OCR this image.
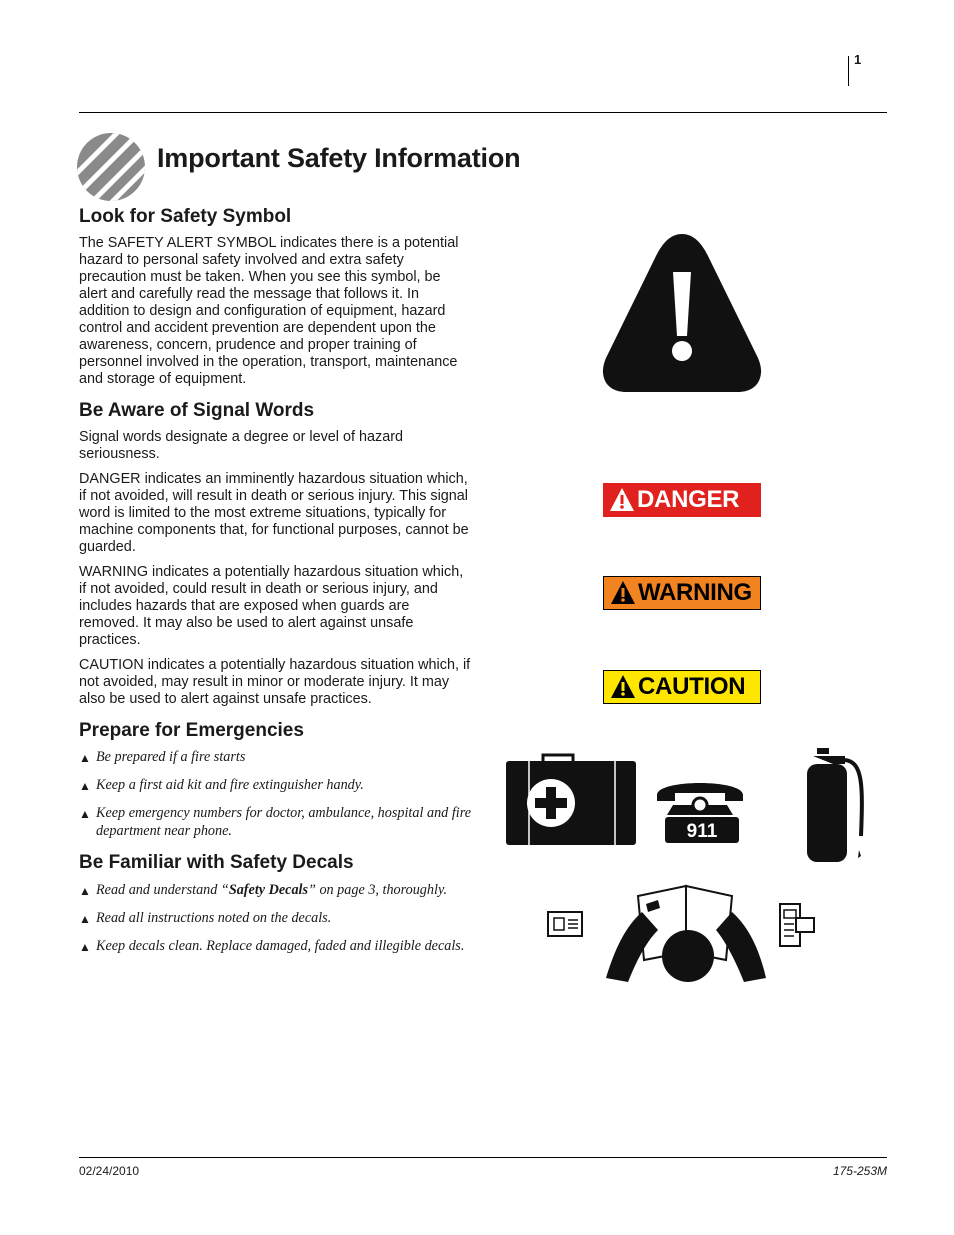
1
Important Safety Information
Look for Safety Symbol

The SAFETY ALERT SYMBOL indicates there is a potential hazard to personal safety involved and extra safety precaution must be taken. When you see this symbol, be alert and carefully read the message that follows it. In addition to design and configuration of equipment, hazard control and accident prevention are dependent upon the awareness, concern, prudence and proper training of personnel involved in the operation, transport, maintenance and storage of equipment.

Be Aware of Signal Words

Signal words designate a degree or level of hazard seriousness.

DANGER indicates an imminently hazardous situation which, if not avoided, will result in death or serious injury. This signal word is limited to the most extreme situations, typically for machine components that, for functional purposes, cannot be guarded.

WARNING indicates a potentially hazardous situation which, if not avoided, could result in death or serious injury, and includes hazards that are exposed when guards are removed. It may also be used to alert against unsafe practices.

CAUTION indicates a potentially hazardous situation which, if not avoided, may result in minor or moderate injury. It may also be used to alert against unsafe practices.

Prepare for Emergencies
▲ Be prepared if a fire starts
▲ Keep a first aid kit and fire extinguisher handy.
▲ Keep emergency numbers for doctor, ambulance, hospital and fire department near phone.
Be Familiar with Safety Decals
▲ Read and understand “Safety Decals” on page 3, thoroughly.
▲ Read all instructions noted on the decals.
▲ Keep decals clean. Replace damaged, faded and illegible decals.
DANGER
WARNING
CAUTION
911
02/24/2010	175-253M
